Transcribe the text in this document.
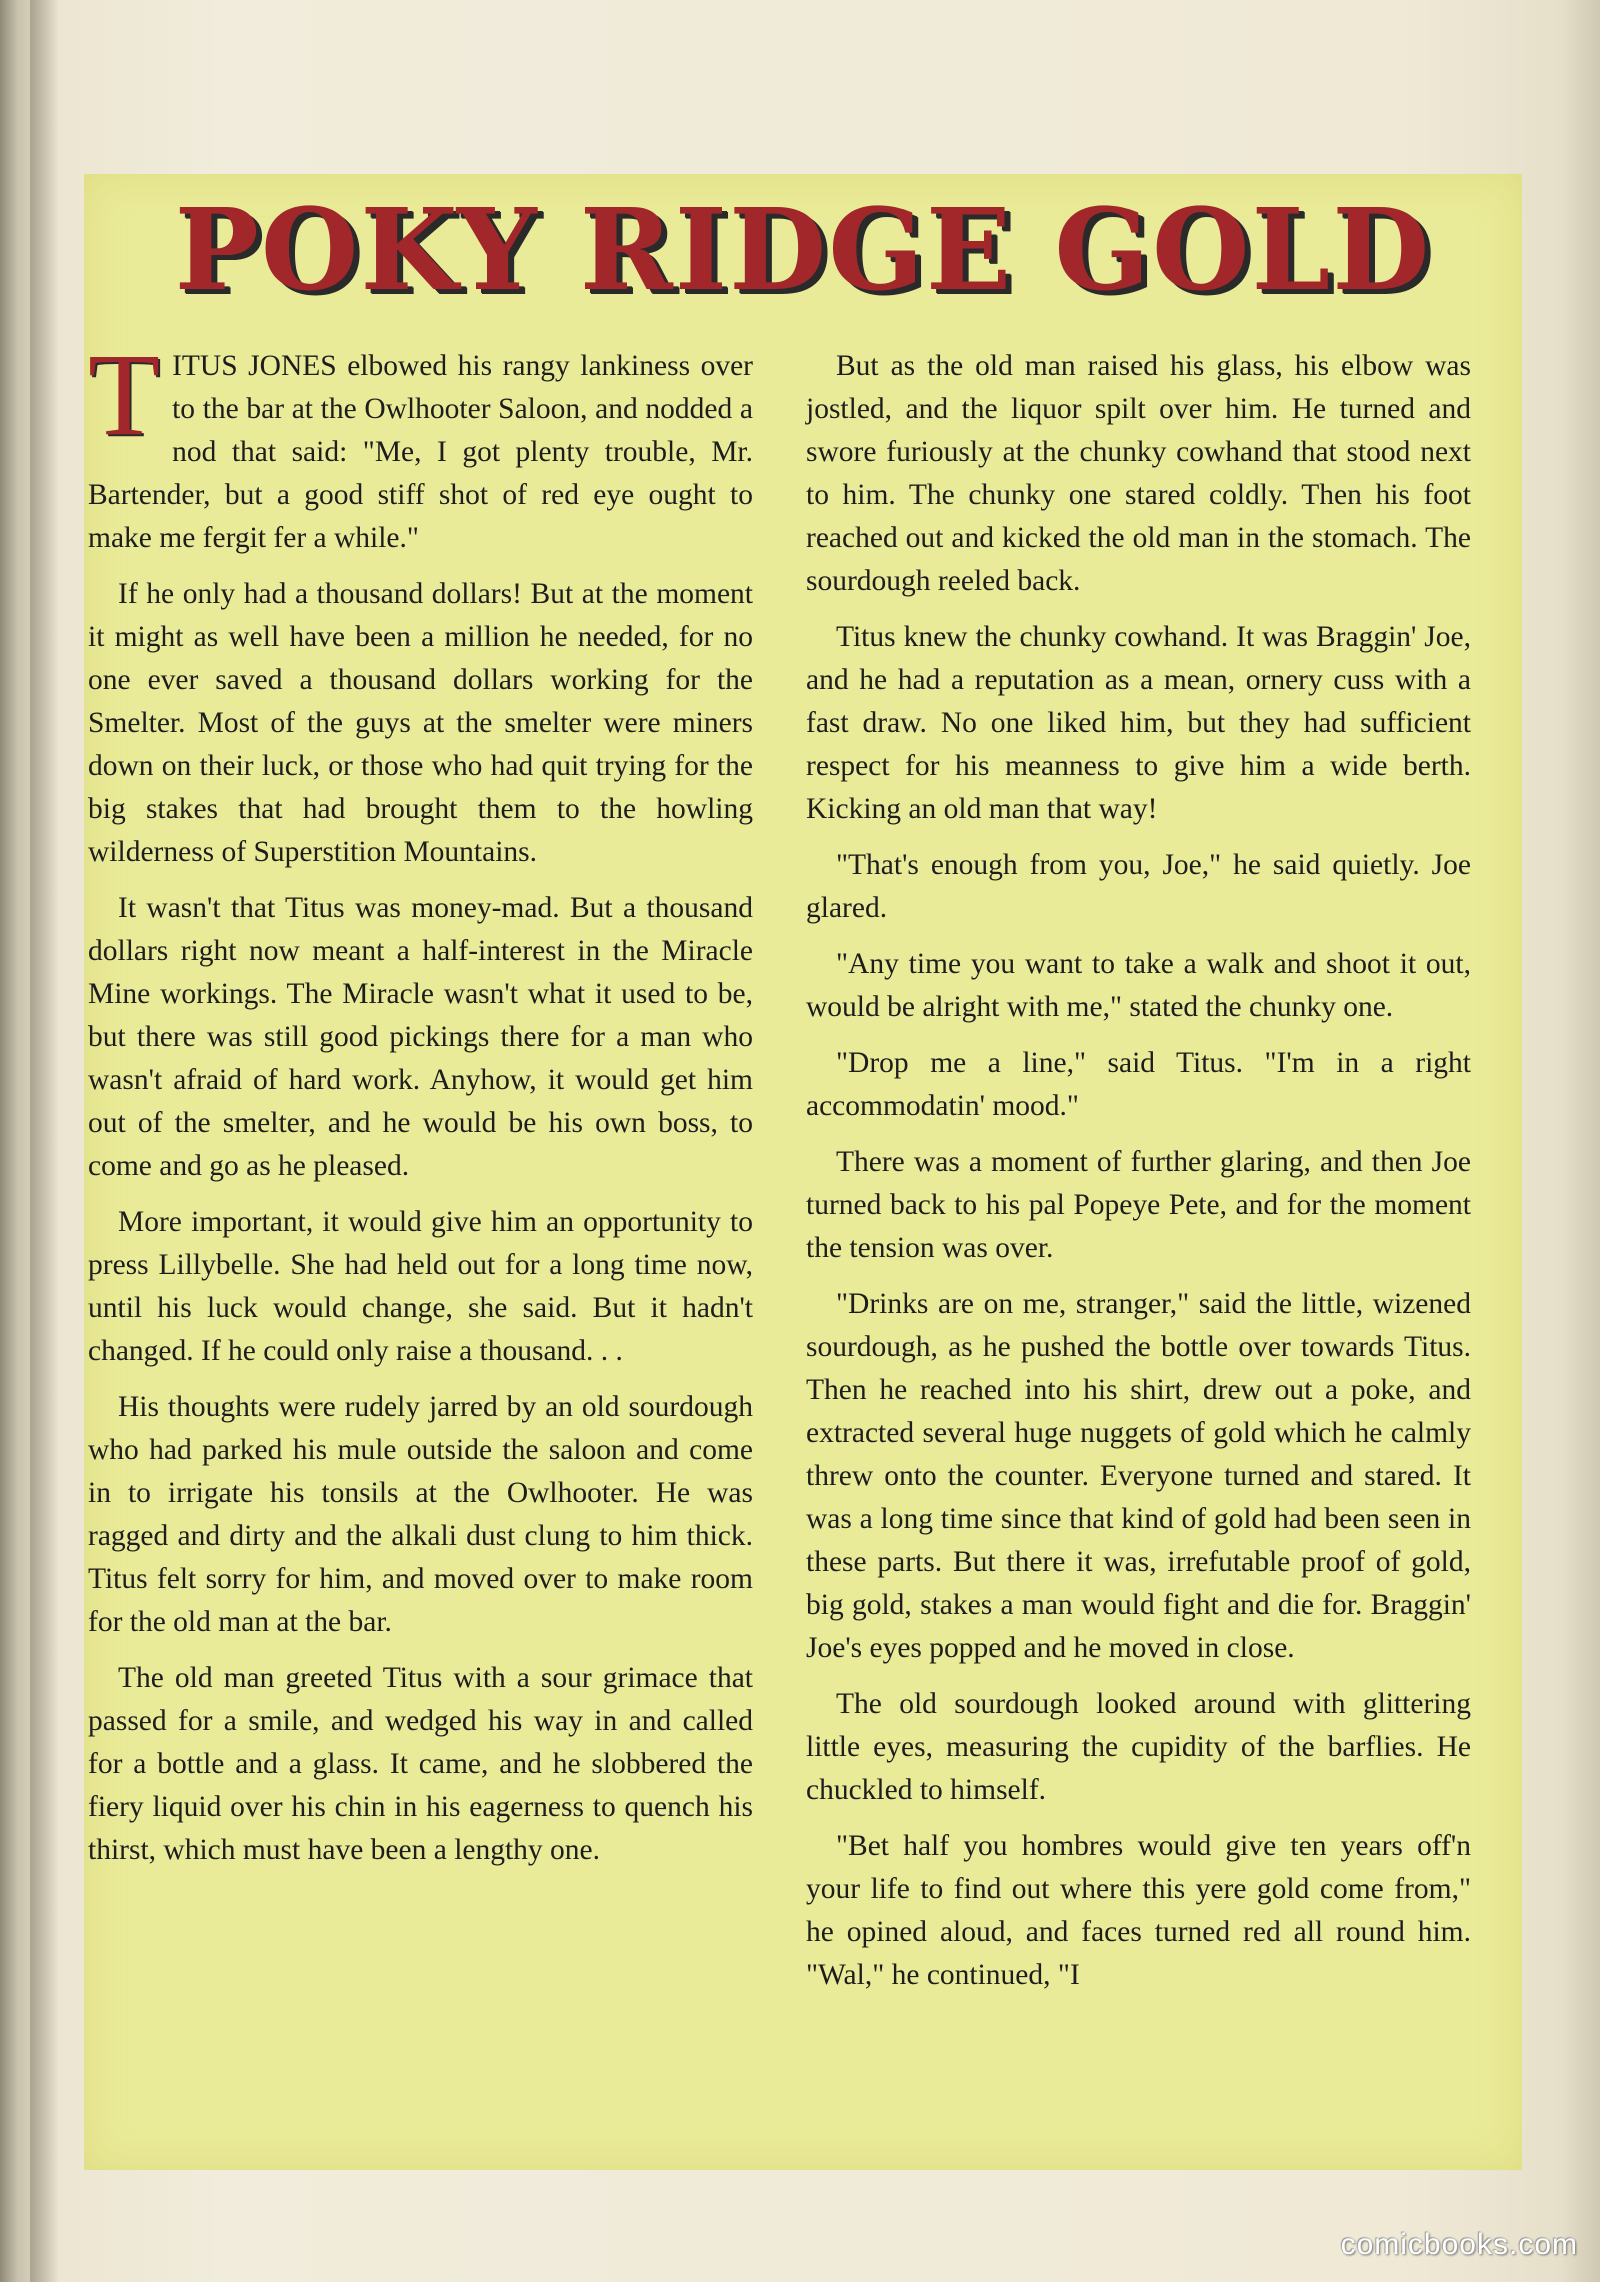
POKY RIDGE GOLD

TITUS JONES elbowed his rangy lankiness over to the bar at the Owlhooter Saloon, and nodded a nod that said: "Me, I got plenty trouble, Mr. Bartender, but a good stiff shot of red eye ought to make me fergit fer a while."

If he only had a thousand dollars! But at the moment it might as well have been a million he needed, for no one ever saved a thousand dollars working for the Smelter. Most of the guys at the smelter were miners down on their luck, or those who had quit trying for the big stakes that had brought them to the howling wilderness of Superstition Mountains.

It wasn't that Titus was money-mad. But a thousand dollars right now meant a half-interest in the Miracle Mine workings. The Miracle wasn't what it used to be, but there was still good pickings there for a man who wasn't afraid of hard work. Anyhow, it would get him out of the smelter, and he would be his own boss, to come and go as he pleased.

More important, it would give him an opportunity to press Lillybelle. She had held out for a long time now, until his luck would change, she said. But it hadn't changed. If he could only raise a thousand. . .

His thoughts were rudely jarred by an old sourdough who had parked his mule outside the saloon and come in to irrigate his tonsils at the Owlhooter. He was ragged and dirty and the alkali dust clung to him thick. Titus felt sorry for him, and moved over to make room for the old man at the bar.

The old man greeted Titus with a sour grimace that passed for a smile, and wedged his way in and called for a bottle and a glass. It came, and he slobbered the fiery liquid over his chin in his eagerness to quench his thirst, which must have been a lengthy one.

But as the old man raised his glass, his elbow was jostled, and the liquor spilt over him. He turned and swore furiously at the chunky cowhand that stood next to him. The chunky one stared coldly. Then his foot reached out and kicked the old man in the stomach. The sourdough reeled back.

Titus knew the chunky cowhand. It was Braggin' Joe, and he had a reputation as a mean, ornery cuss with a fast draw. No one liked him, but they had sufficient respect for his meanness to give him a wide berth. Kicking an old man that way!

"That's enough from you, Joe," he said quietly. Joe glared.

"Any time you want to take a walk and shoot it out, would be alright with me," stated the chunky one.

"Drop me a line," said Titus. "I'm in a right accommodatin' mood."

There was a moment of further glaring, and then Joe turned back to his pal Popeye Pete, and for the moment the tension was over.

"Drinks are on me, stranger," said the little, wizened sourdough, as he pushed the bottle over towards Titus. Then he reached into his shirt, drew out a poke, and extracted several huge nuggets of gold which he calmly threw onto the counter. Everyone turned and stared. It was a long time since that kind of gold had been seen in these parts. But there it was, irrefutable proof of gold, big gold, stakes a man would fight and die for. Braggin' Joe's eyes popped and he moved in close.

The old sourdough looked around with glittering little eyes, measuring the cupidity of the barflies. He chuckled to himself.

"Bet half you hombres would give ten years off'n your life to find out where this yere gold come from," he opined aloud, and faces turned red all round him. "Wal," he continued, "I

comicbooks.com
